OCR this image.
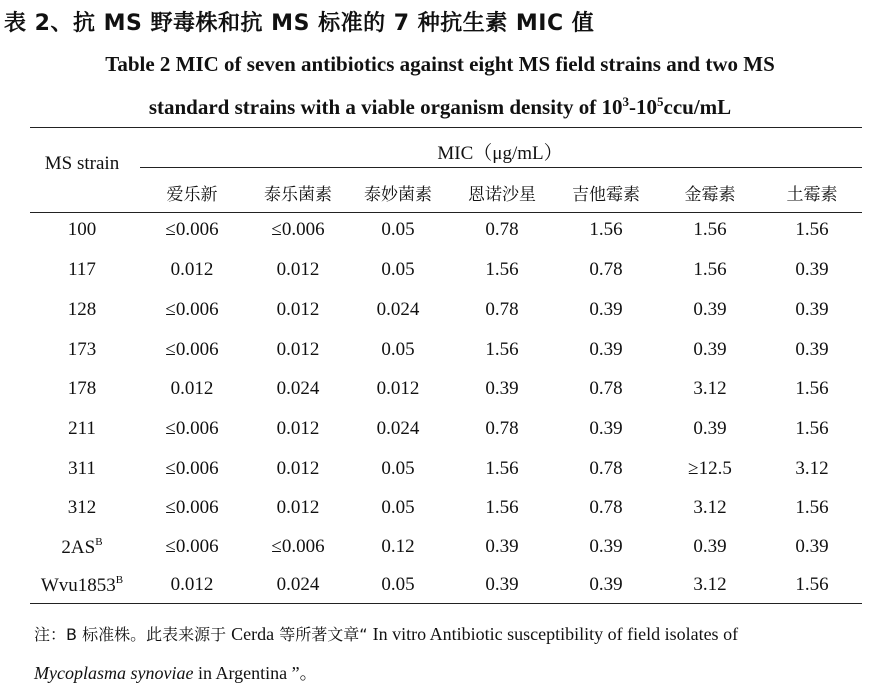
表 2、抗 MS 野毒株和抗 MS 标准的 7 种抗生素 MIC 值
Table 2 MIC of seven antibiotics against eight MS field strains and two MS
standard strains with a viable organism density of $10^3-10^5ccu/mL$
MS strain	MIC（μg/mL）
爱乐新	泰乐菌素	泰妙菌素	恩诺沙星	吉他霉素	金霉素	土霉素
100	≤0.006	≤0.006	0.05	0.78	1.56	1.56	1.56
117	0.012	0.012	0.05	1.56	0.78	1.56	0.39
128	≤0.006	0.012	0.024	0.78	0.39	0.39	0.39
173	≤0.006	0.012	0.05	1.56	0.39	0.39	0.39
178	0.012	0.024	0.012	0.39	0.78	3.12	1.56
211	≤0.006	0.012	0.024	0.78	0.39	0.39	1.56
311	≤0.006	0.012	0.05	1.56	0.78	≥12.5	3.12
312	≤0.006	0.012	0.05	1.56	0.78	3.12	1.56
$2AS^B$	≤0.006	≤0.006	0.12	0.39	0.39	0.39	0.39
$Wvu1853^B$	0.012	0.024	0.05	0.39	0.39	3.12	1.56
注：B 标准株。此表来源于 Cerda 等所著文章“ In vitro Antibiotic susceptibility of field isolates of
Mycoplasma synoviae in Argentina ”。
